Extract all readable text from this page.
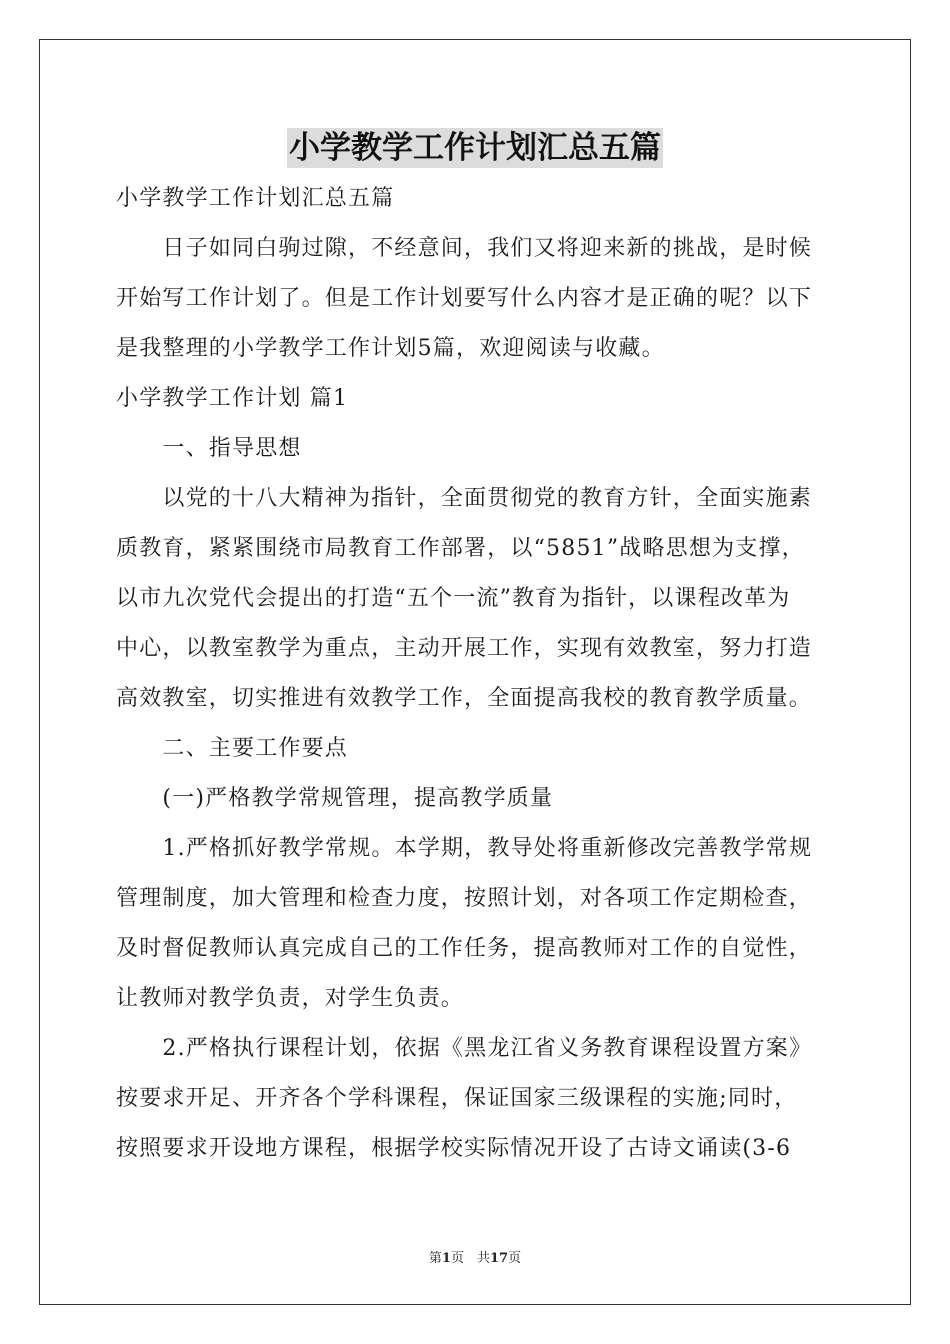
小学教学工作计划汇总五篇
小学教学工作计划汇总五篇
　　日子如同白驹过隙，不经意间，我们又将迎来新的挑战，是时候
开始写工作计划了。但是工作计划要写什么内容才是正确的呢？以下
是我整理的小学教学工作计划5篇，欢迎阅读与收藏。
小学教学工作计划 篇1
　　一、指导思想
　　以党的十八大精神为指针，全面贯彻党的教育方针，全面实施素
质教育，紧紧围绕市局教育工作部署，以“5851”战略思想为支撑，
以市九次党代会提出的打造“五个一流”教育为指针，以课程改革为
中心，以教室教学为重点，主动开展工作，实现有效教室，努力打造
高效教室，切实推进有效教学工作，全面提高我校的教育教学质量。
　　二、主要工作要点
　　(一)严格教学常规管理，提高教学质量
　　1.严格抓好教学常规。本学期，教导处将重新修改完善教学常规
管理制度，加大管理和检查力度，按照计划，对各项工作定期检查，
及时督促教师认真完成自己的工作任务，提高教师对工作的自觉性，
让教师对教学负责，对学生负责。
　　2.严格执行课程计划，依据《黑龙江省义务教育课程设置方案》
按要求开足、开齐各个学科课程，保证国家三级课程的实施;同时，
按照要求开设地方课程，根据学校实际情况开设了古诗文诵读(3-6
第1页　共17页
